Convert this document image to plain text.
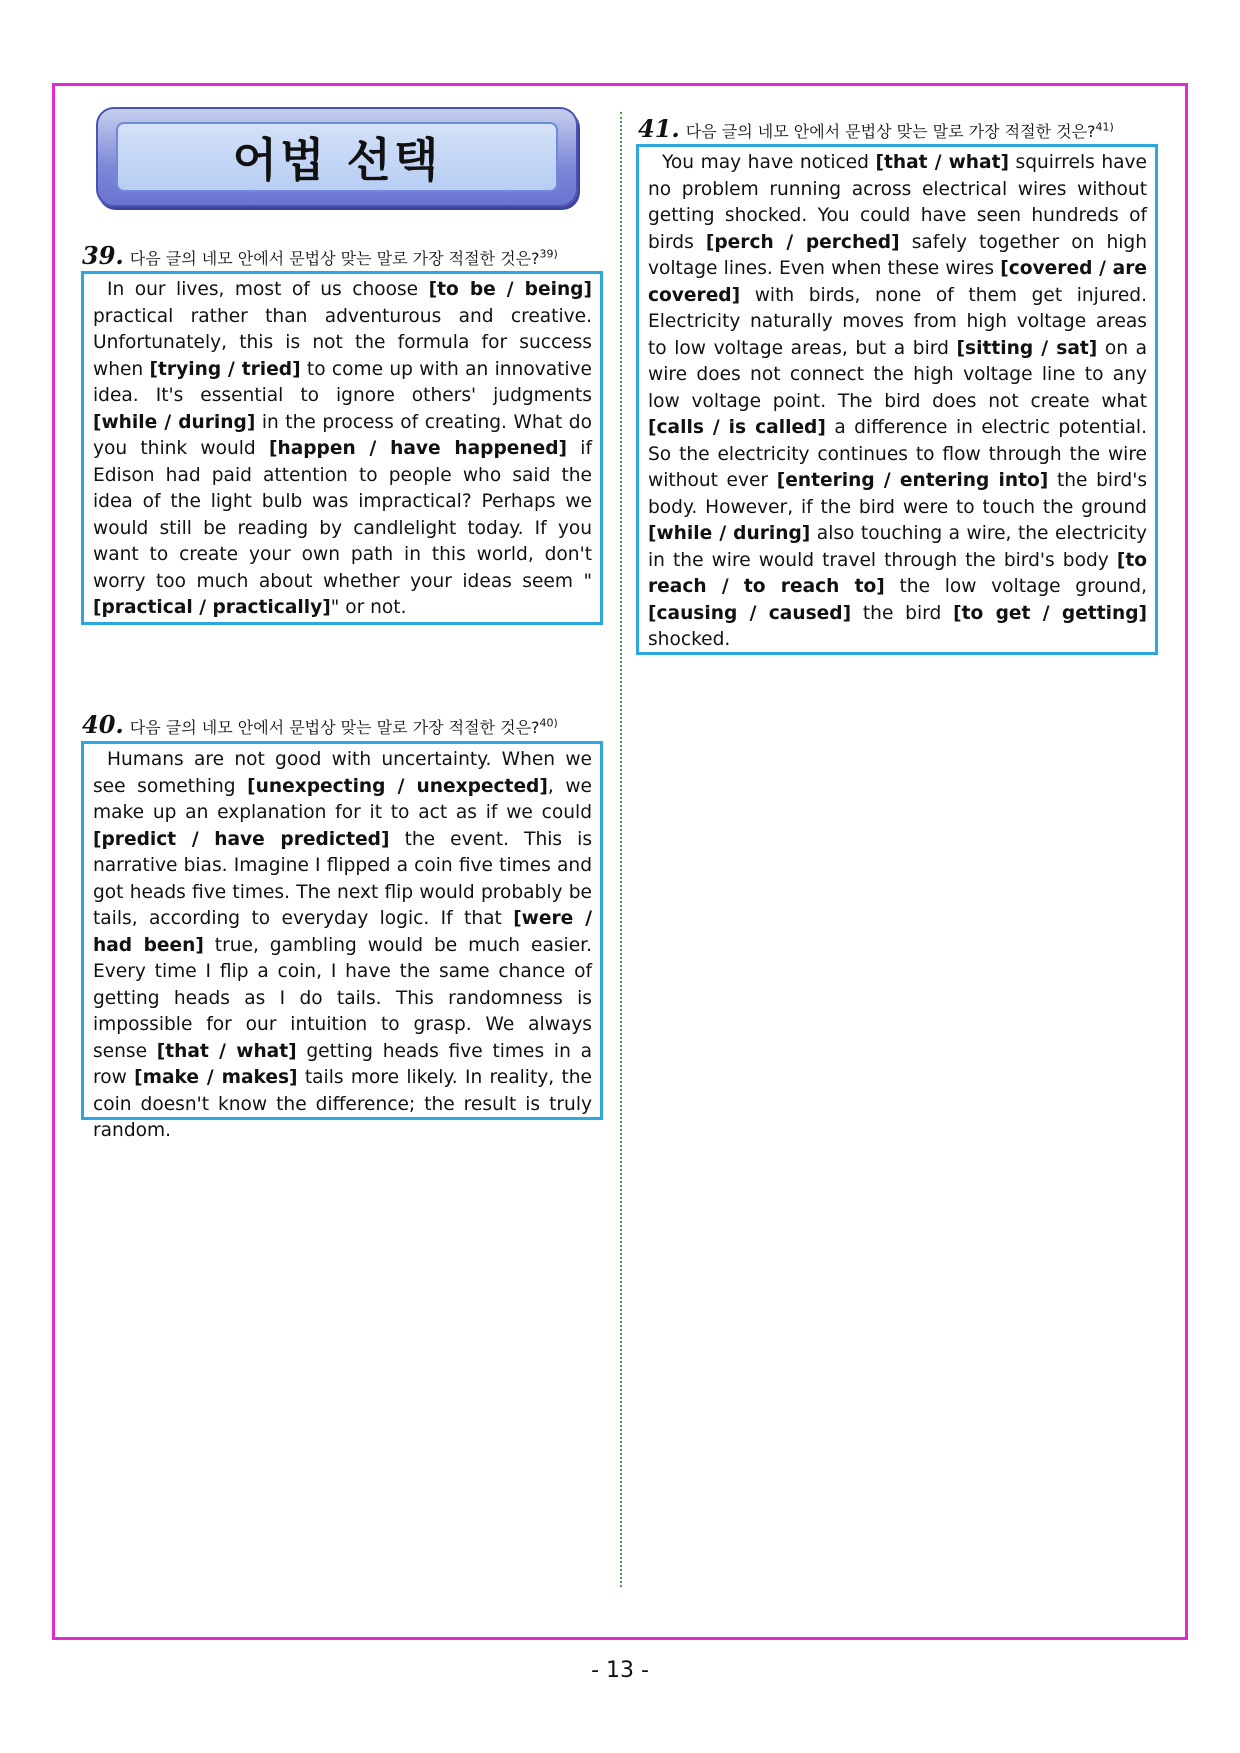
어법 선택
39. 다음 글의 네모 안에서 문법상 맞는 말로 가장 적절한 것은?$^{39)}$
In our lives, most of us choose [to be / being] practical rather than adventurous and creative. Unfortunately, this is not the formula for success when [trying / tried] to come up with an innovative idea. It's essential to ignore others' judgments [while / during] in the process of creating. What do you think would [happen / have happened] if Edison had paid attention to people who said the idea of the light bulb was impractical? Perhaps we would still be reading by candlelight today. If you want to create your own path in this world, don't worry too much about whether your ideas seem "[practical / practically]" or not.
40. 다음 글의 네모 안에서 문법상 맞는 말로 가장 적절한 것은?$^{40)}$
Humans are not good with uncertainty. When we see something [unexpecting / unexpected], we make up an explanation for it to act as if we could [predict / have predicted] the event. This is narrative bias. Imagine I flipped a coin five times and got heads five times. The next flip would probably be tails, according to everyday logic. If that [were / had been] true, gambling would be much easier. Every time I flip a coin, I have the same chance of getting heads as I do tails. This randomness is impossible for our intuition to grasp. We always sense [that / what] getting heads five times in a row [make / makes] tails more likely. In reality, the coin doesn't know the difference; the result is truly random.
41. 다음 글의 네모 안에서 문법상 맞는 말로 가장 적절한 것은?$^{41)}$
You may have noticed [that / what] squirrels have no problem running across electrical wires without getting shocked. You could have seen hundreds of birds [perch / perched] safely together on high voltage lines. Even when these wires [covered / are covered] with birds, none of them get injured. Electricity naturally moves from high voltage areas to low voltage areas, but a bird [sitting / sat] on a wire does not connect the high voltage line to any low voltage point. The bird does not create what [calls / is called] a difference in electric potential. So the electricity continues to flow through the wire without ever [entering / entering into] the bird's body. However, if the bird were to touch the ground [while / during] also touching a wire, the electricity in the wire would travel through the bird's body [to reach / to reach to] the low voltage ground, [causing / caused] the bird [to get / getting] shocked.
- 13 -
